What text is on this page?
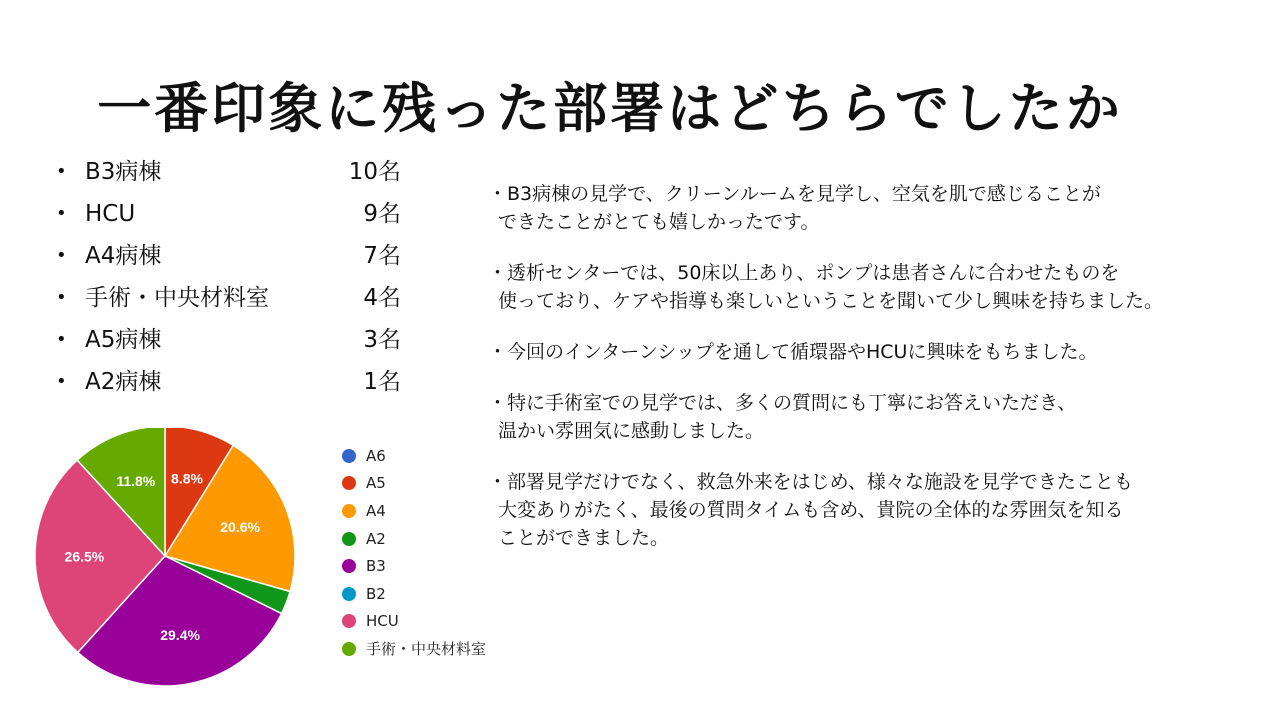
一番印象に残った部署はどちらでしたか
• B3病棟	10名
• HCU	9名
• A4病棟	7名
• 手術・中央材料室	4名
• A5病棟	3名
• A2病棟	1名
・B3病棟の見学で、クリーンルームを見学し、空気を肌で感じることが
できたことがとても嬉しかったです。
・透析センターでは、50床以上あり、ポンプは患者さんに合わせたものを
使っており、ケアや指導も楽しいということを聞いて少し興味を持ちました。
・今回のインターンシップを通して循環器やHCUに興味をもちました。
・特に手術室での見学では、多くの質問にも丁寧にお答えいただき、
温かい雰囲気に感動しました。
・部署見学だけでなく、救急外来をはじめ、様々な施設を見学できたことも
大変ありがたく、最後の質問タイムも含め、貴院の全体的な雰囲気を知る
ことができました。
8.8%
20.6%
29.4%
26.5%
11.8%
A6
A5
A4
A2
B3
B2
HCU
手術・中央材料室
